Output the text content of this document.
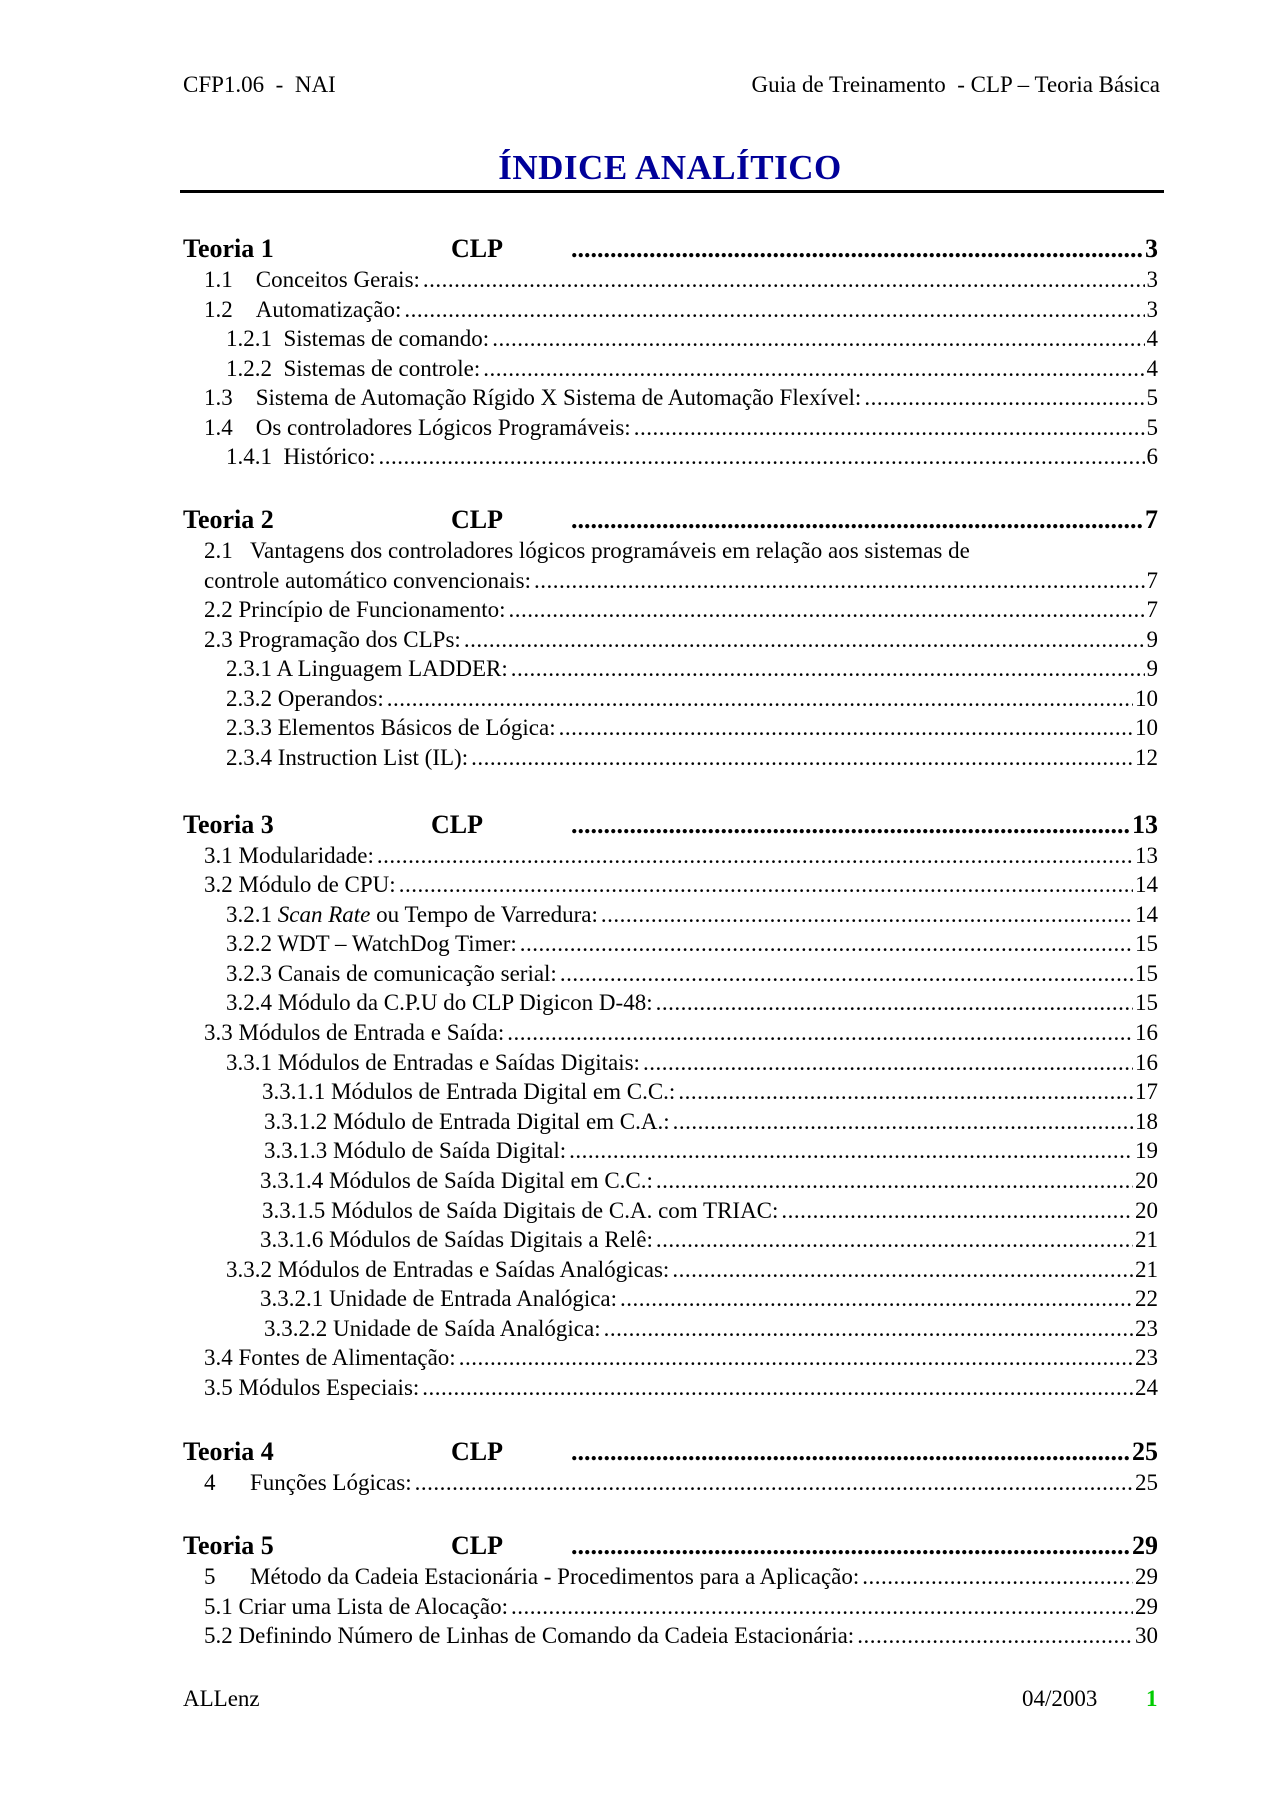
CFP1.06  -  NAI	Guia de Treinamento  - CLP – Teoria Básica
ÍNDICE ANALÍTICO
Teoria 1	CLP .....	3
1.1 Conceitos Gerais: .....	3
1.2 Automatização: .....	3
1.2.1 Sistemas de comando: .....	4
1.2.2 Sistemas de controle: .....	4
1.3 Sistema de Automação Rígido X Sistema de Automação Flexível: .....	5
1.4 Os controladores Lógicos Programáveis: .....	5
1.4.1 Histórico: .....	6
Teoria 2	CLP .....	7
2.1 Vantagens dos controladores lógicos programáveis em relação aos sistemas de
controle automático convencionais: .....	7
2.2 Princípio de Funcionamento: .....	7
2.3 Programação dos CLPs: .....	9
2.3.1 A Linguagem LADDER: .....	9
2.3.2 Operandos: .....	10
2.3.3 Elementos Básicos de Lógica: .....	10
2.3.4 Instruction List (IL): .....	12
Teoria 3	CLP .....	13
3.1 Modularidade: .....	13
3.2 Módulo de CPU: .....	14
3.2.1 Scan Rate ou Tempo de Varredura: .....	14
3.2.2 WDT – WatchDog Timer: .....	15
3.2.3 Canais de comunicação serial: .....	15
3.2.4 Módulo da C.P.U do CLP Digicon D-48: .....	15
3.3 Módulos de Entrada e Saída: .....	16
3.3.1 Módulos de Entradas e Saídas Digitais: .....	16
3.3.1.1 Módulos de Entrada Digital em C.C.: .....	17
3.3.1.2 Módulo de Entrada Digital em C.A.: .....	18
3.3.1.3 Módulo de Saída Digital: .....	19
3.3.1.4 Módulos de Saída Digital em C.C.: .....	20
3.3.1.5 Módulos de Saída Digitais de C.A. com TRIAC: .....	20
3.3.1.6 Módulos de Saídas Digitais a Relê: .....	21
3.3.2 Módulos de Entradas e Saídas Analógicas: .....	21
3.3.2.1 Unidade de Entrada Analógica: .....	22
3.3.2.2 Unidade de Saída Analógica: .....	23
3.4 Fontes de Alimentação: .....	23
3.5 Módulos Especiais: .....	24
Teoria 4	CLP .....	25
4 Funções Lógicas: .....	25
Teoria 5	CLP .....	29
5 Método da Cadeia Estacionária - Procedimentos para a Aplicação: .....	29
5.1 Criar uma Lista de Alocação: .....	29
5.2 Definindo Número de Linhas de Comando da Cadeia Estacionária: .....	30
ALLenz	04/2003 1
